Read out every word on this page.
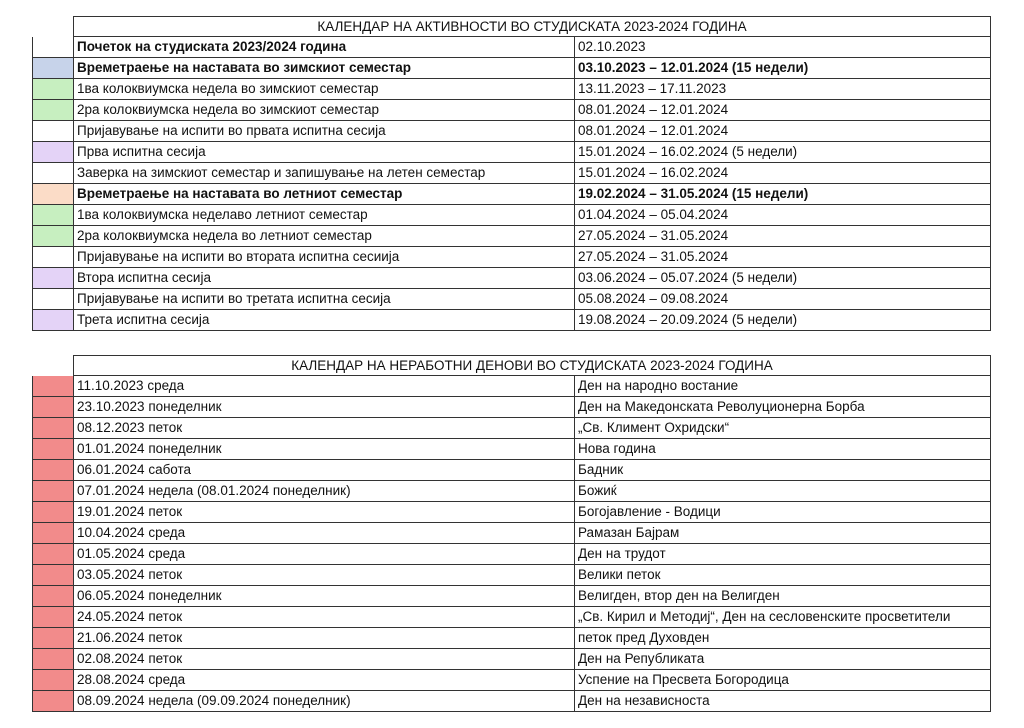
КАЛЕНДАР НА АКТИВНОСТИ ВО СТУДИСКАТА 2023-2024 ГОДИНА
Почеток на студиската 2023/2024 година	02.10.2023
Времетраење на наставата во зимскиот семестар	03.10.2023 – 12.01.2024 (15 недели)
1ва колоквиумска недела во зимскиот семестар	13.11.2023 – 17.11.2023
2ра колоквиумска недела во зимскиот семестар	08.01.2024 – 12.01.2024
Пријавување на испити во првата испитна сесија	08.01.2024 – 12.01.2024
Прва испитна сесија	15.01.2024 – 16.02.2024 (5 недели)
Заверка на зимскиот семестар и запишување на летен семестар	15.01.2024 – 16.02.2024
Времетраење на наставата во летниот семестар	19.02.2024 – 31.05.2024 (15 недели)
1ва колоквиумска неделаво летниот семестар	01.04.2024 – 05.04.2024
2ра колоквиумска недела во летниот семестар	27.05.2024 – 31.05.2024
Пријавување на испити во втората испитна сесиија	27.05.2024 – 31.05.2024
Втора испитна сесија	03.06.2024 – 05.07.2024 (5 недели)
Пријавување на испити во третата испитна сесија	05.08.2024 – 09.08.2024
Трета испитна сесија	19.08.2024 – 20.09.2024 (5 недели)
КАЛЕНДАР НА НЕРАБОТНИ ДЕНОВИ ВО СТУДИСКАТА 2023-2024 ГОДИНА
11.10.2023 среда	Ден на народно востание
23.10.2023 понеделник	Ден на Македонската Револуционерна Борба
08.12.2023 петок	„Св. Климент Охридски“
01.01.2024 понеделник	Нова година
06.01.2024 сабота	Бадник
07.01.2024 недела (08.01.2024 понеделник)	Божиќ
19.01.2024 петок	Богојавление - Водици
10.04.2024 среда	Рамазан Бајрам
01.05.2024 среда	Ден на трудот
03.05.2024 петок	Велики петок
06.05.2024 понеделник	Велигден, втор ден на Велигден
24.05.2024 петок	„Св. Кирил и Методиј“, Ден на сесловенските просветители
21.06.2024 петок	петок пред Духовден
02.08.2024 петок	Ден на Републиката
28.08.2024 среда	Успение на Пресвета Богородица
08.09.2024 недела (09.09.2024 понеделник)	Ден на независноста
